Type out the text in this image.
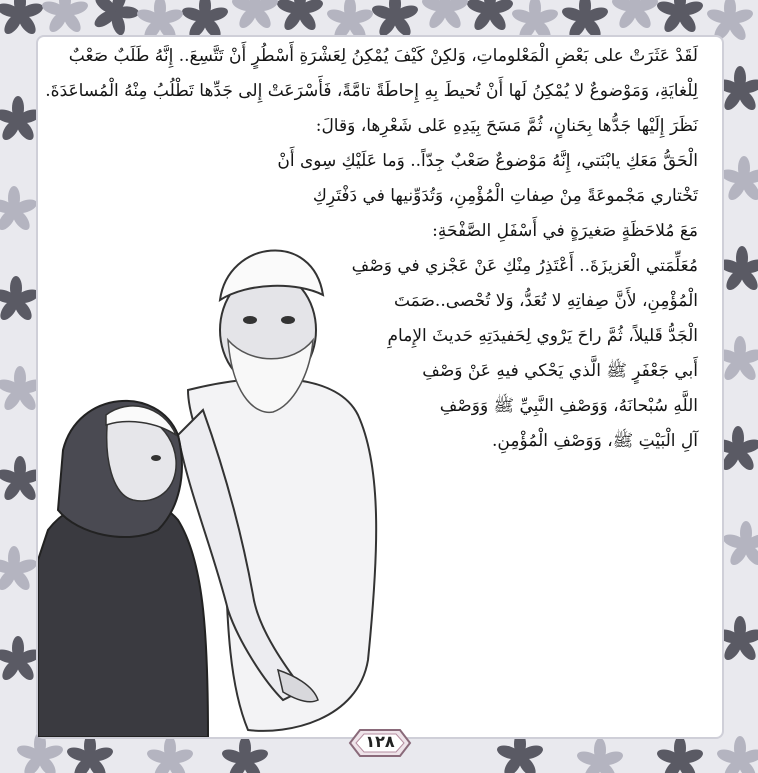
لَقَدْ عَثَرَتْ على بَعْضِ الْمَعْلوماتِ، وَلكِنْ كَيْفَ يُمْكِنُ لِعَشْرَةِ أَسْطُرٍ أَنْ تَتَّسِعَ.. إِنَّهُ طَلَبٌ صَعْبٌ
لِلْغايَةِ، وَمَوْضوعٌ لا يُمْكِنُ لَها أَنْ تُحيطَ بِهِ إِحاطَةً تامَّةً، فَأَسْرَعَتْ إِلى جَدِّها تَطْلُبُ مِنْهُ الْمُساعَدَةَ.
نَظَرَ إِلَيْها جَدُّها بِحَنانٍ، ثُمَّ مَسَحَ بِيَدِهِ عَلى شَعْرِها، وَقالَ:
الْحَقُّ مَعَكِ يابْنَتي، إِنَّهُ مَوْضوعٌ صَعْبٌ جِدّاً.. وَما عَلَيْكِ سِوى أَنْ
تَخْتاري مَجْموعَةً مِنْ صِفاتِ الْمُؤْمِنِ، وَتُدَوِّنيها في دَفْتَرِكِ
مَعَ مُلاحَظَةٍ صَغيرَةٍ في أَسْفَلِ الصَّفْحَةِ:
مُعَلِّمَتي الْعَزيزَةَ.. أَعْتَذِرُ مِنْكِ عَنْ عَجْزي في وَصْفِ
الْمُؤْمِنِ، لأَنَّ صِفاتِهِ لا تُعَدُّ، وَلا تُحْصى..صَمَتَ
الْجَدُّ قَليلاً، ثُمَّ راحَ يَرْوي لِحَفيدَتِهِ حَديثَ الإِمامِ
أَبي جَعْفَرٍ ﷺ الَّذي يَحْكي فيهِ عَنْ وَصْفِ
اللَّهِ سُبْحانَهُ، وَوَصْفِ النَّبِيِّ ﷺ وَوَصْفِ
آلِ الْبَيْتِ ﷺ، وَوَصْفِ الْمُؤْمِنِ.
١٢٨
